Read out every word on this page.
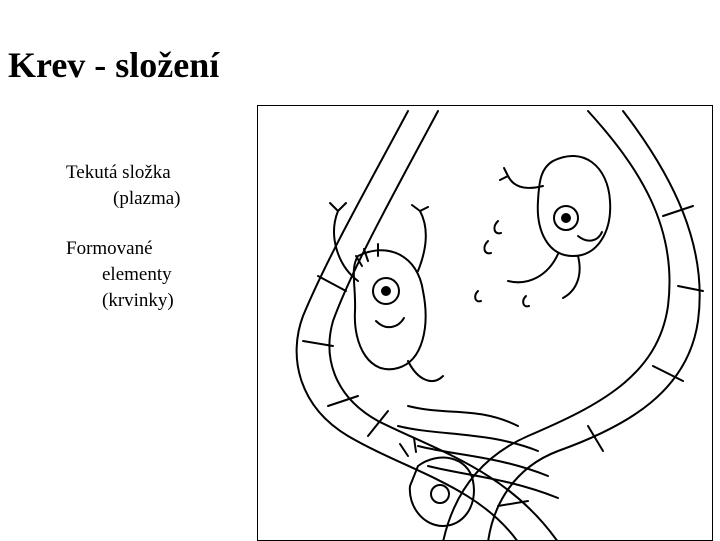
Krev - složení
Tekutá složka
(plazma)
Formované
elementy
(krvinky)
